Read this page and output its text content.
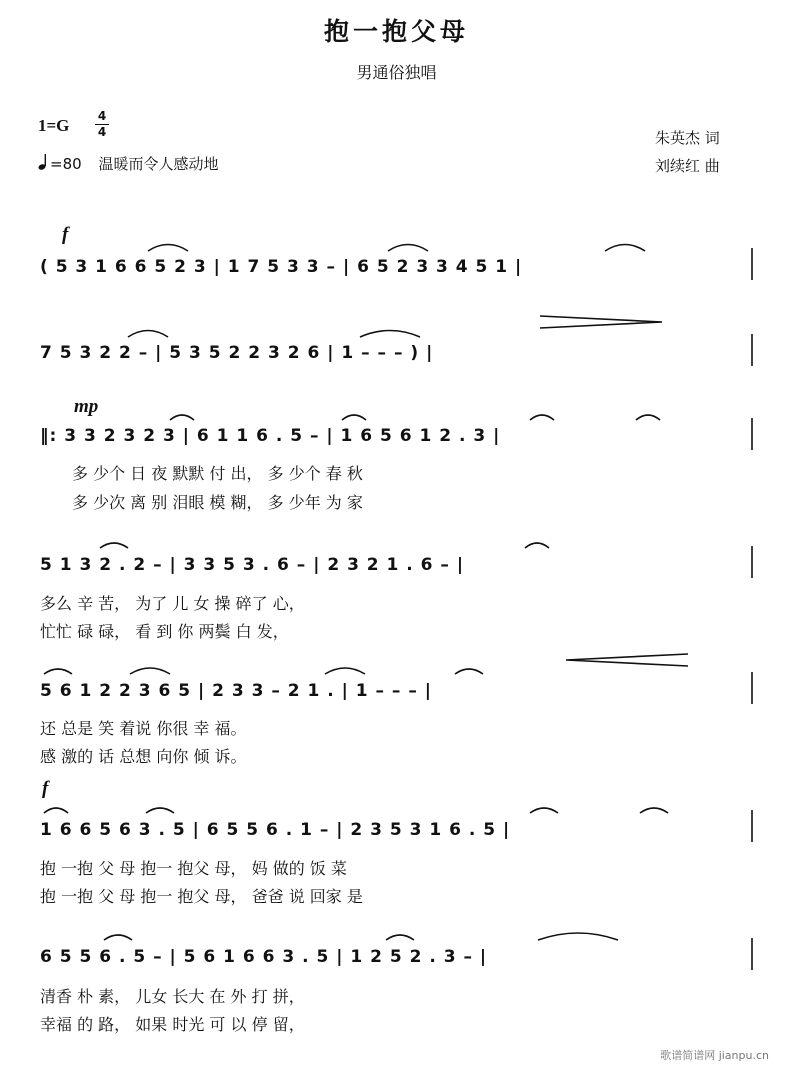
抱一抱父母
男通俗独唱
1=G 4
4
=80 温暖而令人感动地
朱英杰 词
刘续红 曲
f
mp
f
( 5 3 1 6 6 5 2 3 | 1 7 5 3 3 – | 6 5 2 3 3 4 5 1 |
7 5 3 2 2 – | 5 3 5 2 2 3 2 6 | 1 – – – ) |
‖: 3 3 2 3 2 3 | 6 1 1 6 . 5 – | 1 6 5 6 1 2 . 3 |
多 少个 日 夜 默默 付 出， 多 少个 春 秋
多 少次 离 别 泪眼 模 糊， 多 少年 为 家
5 1 3 2 . 2 – | 3 3 5 3 . 6 – | 2 3 2 1 . 6 – |
多么 辛 苦， 为了 儿 女 操 碎了 心，
忙忙 碌 碌， 看 到 你 两鬓 白 发，
5 6 1 2 2 3 6 5 | 2 3 3 – 2 1 . | 1 – – – |
还 总是 笑 着说 你很 幸 福。
感 激的 话 总想 向你 倾 诉。
1 6 6 5 6 3 . 5 | 6 5 5 6 . 1 – | 2 3 5 3 1 6 . 5 |
抱 一抱 父 母 抱一 抱父 母， 妈 做的 饭 菜
抱 一抱 父 母 抱一 抱父 母， 爸爸 说 回家 是
6 5 5 6 . 5 – | 5 6 1 6 6 3 . 5 | 1 2 5 2 . 3 – |
清香 朴 素， 儿女 长大 在 外 打 拼，
幸福 的 路， 如果 时光 可 以 停 留，
歌谱简谱网 jianpu.cn
